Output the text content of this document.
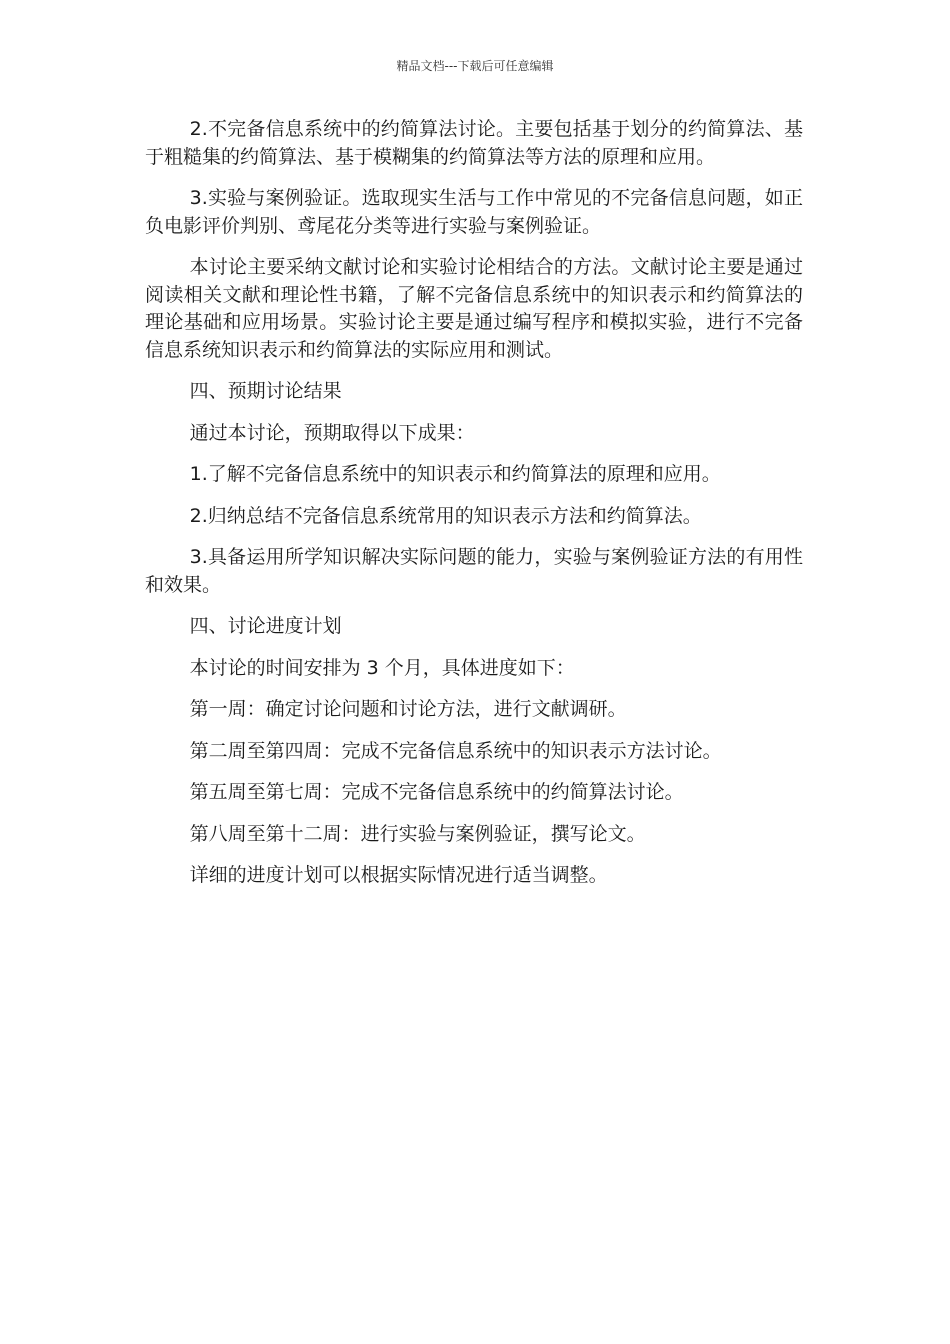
精品文档---下载后可任意编辑

2.不完备信息系统中的约简算法讨论。主要包括基于划分的约简算法、基于粗糙集的约简算法、基于模糊集的约简算法等方法的原理和应用。

3.实验与案例验证。选取现实生活与工作中常见的不完备信息问题，如正负电影评价判别、鸢尾花分类等进行实验与案例验证。

本讨论主要采纳文献讨论和实验讨论相结合的方法。文献讨论主要是通过阅读相关文献和理论性书籍，了解不完备信息系统中的知识表示和约简算法的理论基础和应用场景。实验讨论主要是通过编写程序和模拟实验，进行不完备信息系统知识表示和约简算法的实际应用和测试。

四、预期讨论结果

通过本讨论，预期取得以下成果：

1.了解不完备信息系统中的知识表示和约简算法的原理和应用。

2.归纳总结不完备信息系统常用的知识表示方法和约简算法。

3.具备运用所学知识解决实际问题的能力，实验与案例验证方法的有用性和效果。

四、讨论进度计划

本讨论的时间安排为 3 个月，具体进度如下：

第一周：确定讨论问题和讨论方法，进行文献调研。

第二周至第四周：完成不完备信息系统中的知识表示方法讨论。

第五周至第七周：完成不完备信息系统中的约简算法讨论。

第八周至第十二周：进行实验与案例验证，撰写论文。

详细的进度计划可以根据实际情况进行适当调整。
